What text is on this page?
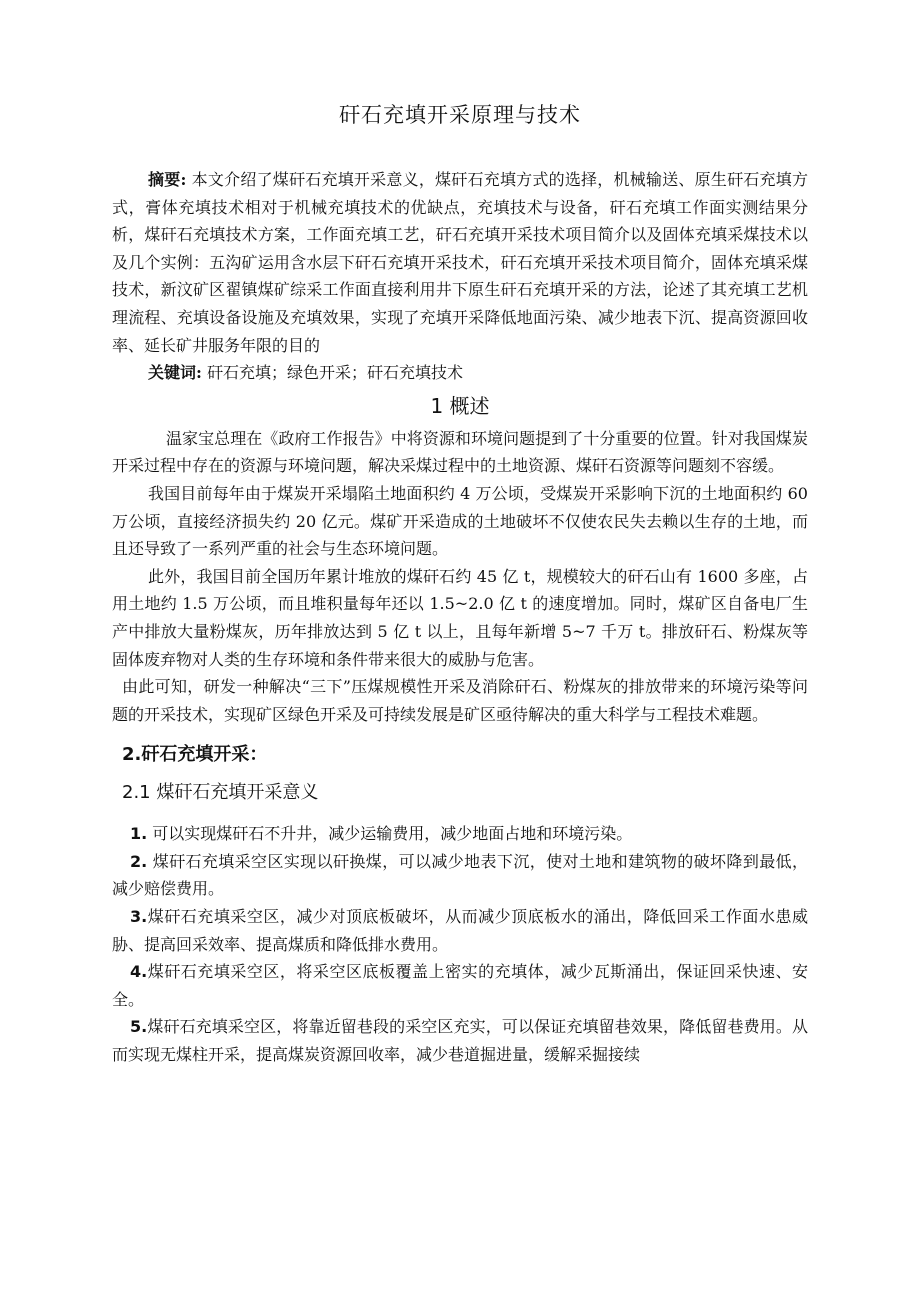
矸石充填开采原理与技术

摘要: 本文介绍了煤矸石充填开采意义，煤矸石充填方式的选择，机械输送、原生矸石充填方式，膏体充填技术相对于机械充填技术的优缺点，充填技术与设备，矸石充填工作面实测结果分析，煤矸石充填技术方案，工作面充填工艺，矸石充填开采技术项目简介以及固体充填采煤技术以及几个实例：五沟矿运用含水层下矸石充填开采技术，矸石充填开采技术项目简介，固体充填采煤技术，新汶矿区翟镇煤矿综采工作面直接利用井下原生矸石充填开采的方法，论述了其充填工艺机理流程、充填设备设施及充填效果，实现了充填开采降低地面污染、减少地表下沉、提高资源回收率、延长矿井服务年限的目的

关键词: 矸石充填；绿色开采；矸石充填技术

1 概述

温家宝总理在《政府工作报告》中将资源和环境问题提到了十分重要的位置。针对我国煤炭开采过程中存在的资源与环境问题，解决采煤过程中的土地资源、煤矸石资源等问题刻不容缓。

我国目前每年由于煤炭开采塌陷土地面积约 4 万公顷，受煤炭开采影响下沉的土地面积约 60 万公顷，直接经济损失约 20 亿元。煤矿开采造成的土地破坏不仅使农民失去赖以生存的土地，而且还导致了一系列严重的社会与生态环境问题。

此外，我国目前全国历年累计堆放的煤矸石约 45 亿 t，规模较大的矸石山有 1600 多座，占用土地约 1.5 万公顷，而且堆积量每年还以 1.5~2.0 亿 t 的速度增加。同时，煤矿区自备电厂生产中排放大量粉煤灰，历年排放达到 5 亿 t 以上，且每年新增 5~7 千万 t。排放矸石、粉煤灰等固体废弃物对人类的生存环境和条件带来很大的威胁与危害。

由此可知，研发一种解决“三下”压煤规模性开采及消除矸石、粉煤灰的排放带来的环境污染等问题的开采技术，实现矿区绿色开采及可持续发展是矿区亟待解决的重大科学与工程技术难题。

2.矸石充填开采：
2.1 煤矸石充填开采意义

1. 可以实现煤矸石不升井，减少运输费用，减少地面占地和环境污染。

2. 煤矸石充填采空区实现以矸换煤，可以减少地表下沉，使对土地和建筑物的破坏降到最低，减少赔偿费用。

3.煤矸石充填采空区，减少对顶底板破坏，从而减少顶底板水的涌出，降低回采工作面水患威胁、提高回采效率、提高煤质和降低排水费用。

4.煤矸石充填采空区，将采空区底板覆盖上密实的充填体，减少瓦斯涌出，保证回采快速、安全。

5.煤矸石充填采空区，将靠近留巷段的采空区充实，可以保证充填留巷效果，降低留巷费用。从而实现无煤柱开采，提高煤炭资源回收率，减少巷道掘进量，缓解采掘接续
